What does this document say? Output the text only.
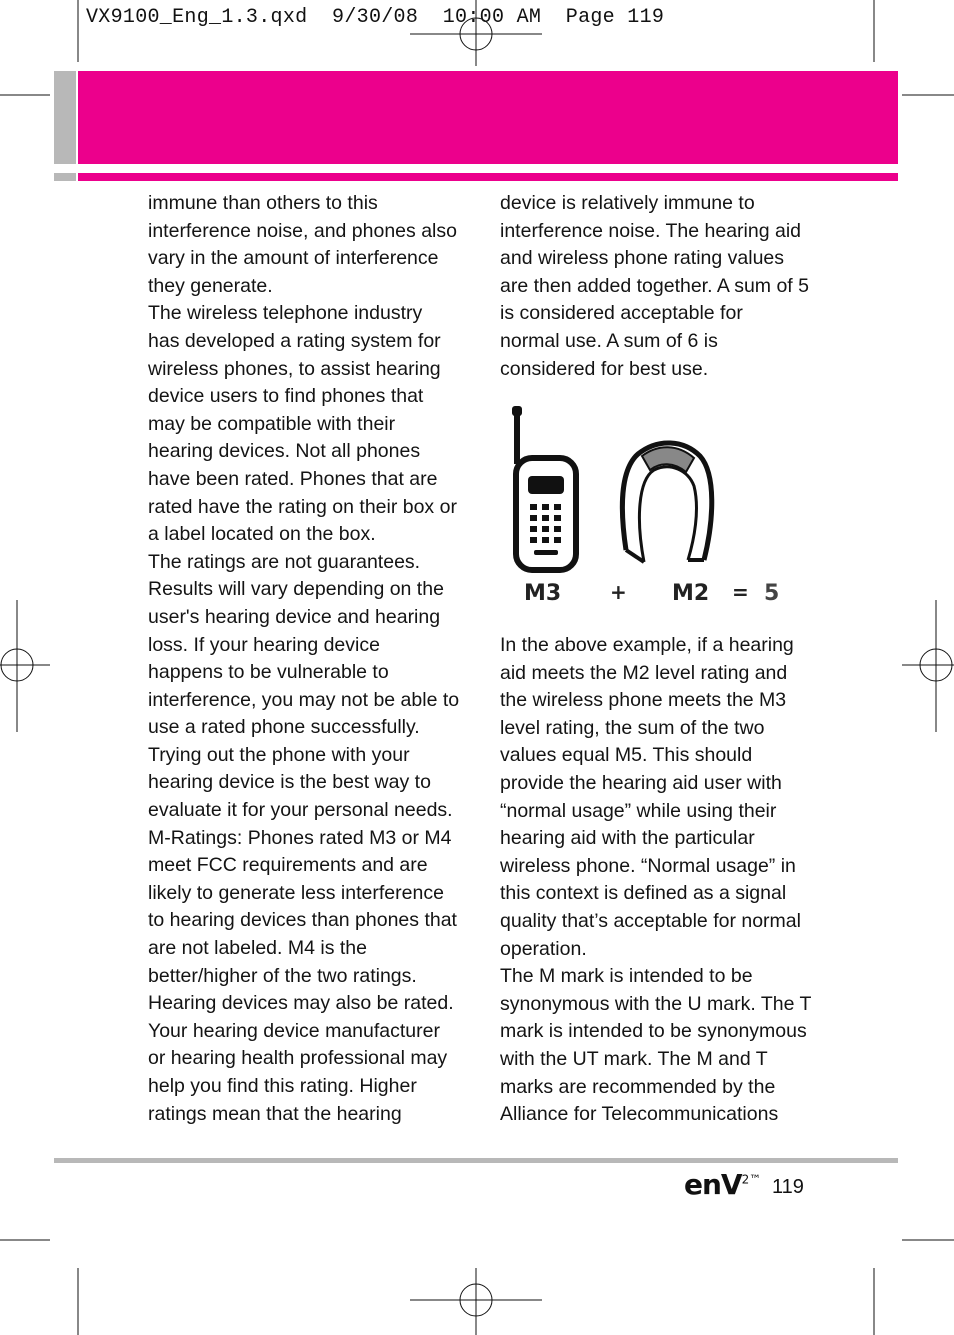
VX9100_Eng_1.3.qxd  9/30/08  10:00 AM  Page 119
immune than others to this
interference noise, and phones also
vary in the amount of interference
they generate.
The wireless telephone industry
has developed a rating system for
wireless phones, to assist hearing
device users to find phones that
may be compatible with their
hearing devices. Not all phones
have been rated. Phones that are
rated have the rating on their box or
a label located on the box.
The ratings are not guarantees.
Results will vary depending on the
user's hearing device and hearing
loss. If your hearing device
happens to be vulnerable to
interference, you may not be able to
use a rated phone successfully.
Trying out the phone with your
hearing device is the best way to
evaluate it for your personal needs.
M-Ratings: Phones rated M3 or M4
meet FCC requirements and are
likely to generate less interference
to hearing devices than phones that
are not labeled. M4 is the
better/higher of the two ratings.
Hearing devices may also be rated.
Your hearing device manufacturer
or hearing health professional may
help you find this rating. Higher
ratings mean that the hearing
device is relatively immune to
interference noise. The hearing aid
and wireless phone rating values
are then added together. A sum of 5
is considered acceptable for
normal use. A sum of 6 is
considered for best use.
M3 + M2 = 5
In the above example, if a hearing
aid meets the M2 level rating and
the wireless phone meets the M3
level rating, the sum of the two
values equal M5. This should
provide the hearing aid user with
“normal usage” while using their
hearing aid with the particular
wireless phone. “Normal usage” in
this context is defined as a signal
quality that’s acceptable for normal
operation.
The M mark is intended to be
synonymous with the U mark. The T
mark is intended to be synonymous
with the UT mark. The M and T
marks are recommended by the
Alliance for Telecommunications
enV$^{2™}$ 119
